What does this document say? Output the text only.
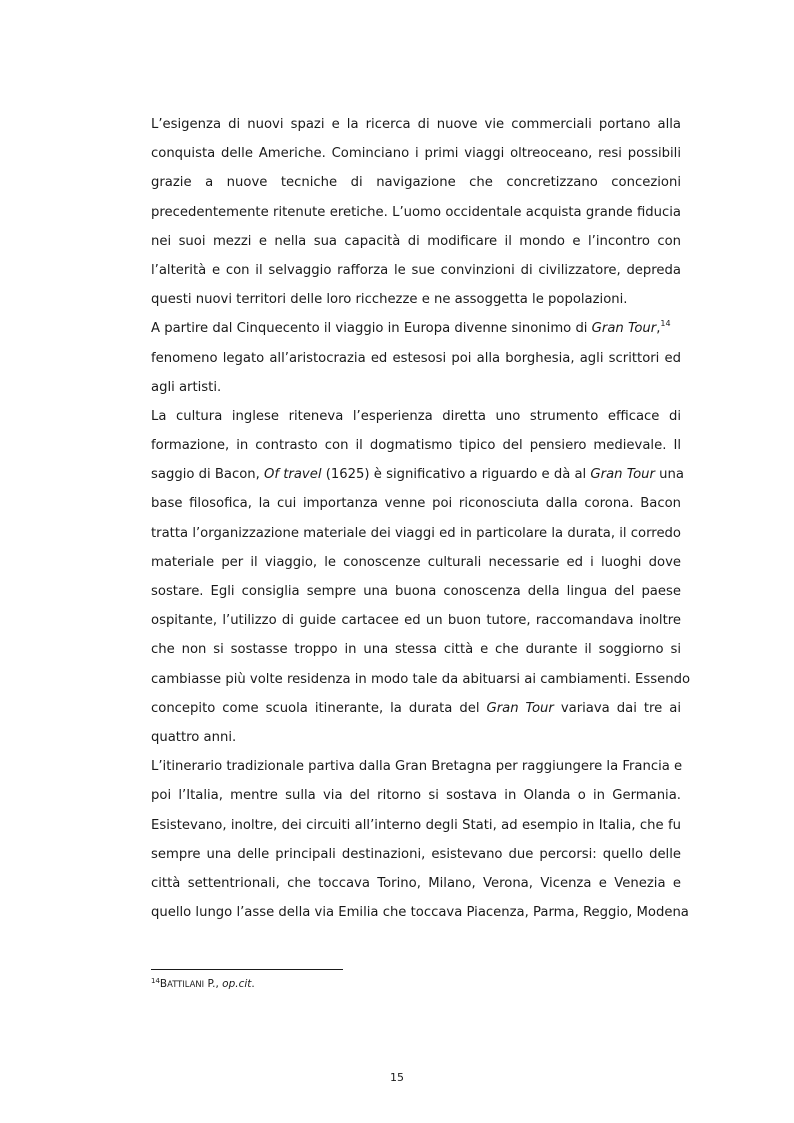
L’esigenza di nuovi spazi e la ricerca di nuove vie commerciali portano alla
conquista delle Americhe. Cominciano i primi viaggi oltreoceano, resi possibili
grazie a nuove tecniche di navigazione che concretizzano concezioni
precedentemente ritenute eretiche. L’uomo occidentale acquista grande fiducia
nei suoi mezzi e nella sua capacità di modificare il mondo e l’incontro con
l’alterità e con il selvaggio rafforza le sue convinzioni di civilizzatore, depreda
questi nuovi territori delle loro ricchezze e ne assoggetta le popolazioni.
A partire dal Cinquecento il viaggio in Europa divenne sinonimo di Gran Tour,$^{14}$
fenomeno legato all’aristocrazia ed estesosi poi alla borghesia, agli scrittori ed
agli artisti.
La cultura inglese riteneva l’esperienza diretta uno strumento efficace di
formazione, in contrasto con il dogmatismo tipico del pensiero medievale. Il
saggio di Bacon, Of travel (1625) è significativo a riguardo e dà al Gran Tour una
base filosofica, la cui importanza venne poi riconosciuta dalla corona. Bacon
tratta l’organizzazione materiale dei viaggi ed in particolare la durata, il corredo
materiale per il viaggio, le conoscenze culturali necessarie ed i luoghi dove
sostare. Egli consiglia sempre una buona conoscenza della lingua del paese
ospitante, l’utilizzo di guide cartacee ed un buon tutore, raccomandava inoltre
che non si sostasse troppo in una stessa città e che durante il soggiorno si
cambiasse più volte residenza in modo tale da abituarsi ai cambiamenti. Essendo
concepito come scuola itinerante, la durata del Gran Tour variava dai tre ai
quattro anni.
L’itinerario tradizionale partiva dalla Gran Bretagna per raggiungere la Francia e
poi l’Italia, mentre sulla via del ritorno si sostava in Olanda o in Germania.
Esistevano, inoltre, dei circuiti all’interno degli Stati, ad esempio in Italia, che fu
sempre una delle principali destinazioni, esistevano due percorsi: quello delle
città settentrionali, che toccava Torino, Milano, Verona, Vicenza e Venezia e
quello lungo l’asse della via Emilia che toccava Piacenza, Parma, Reggio, Modena
$^{14}$BATTILANI P., op.cit.
15
